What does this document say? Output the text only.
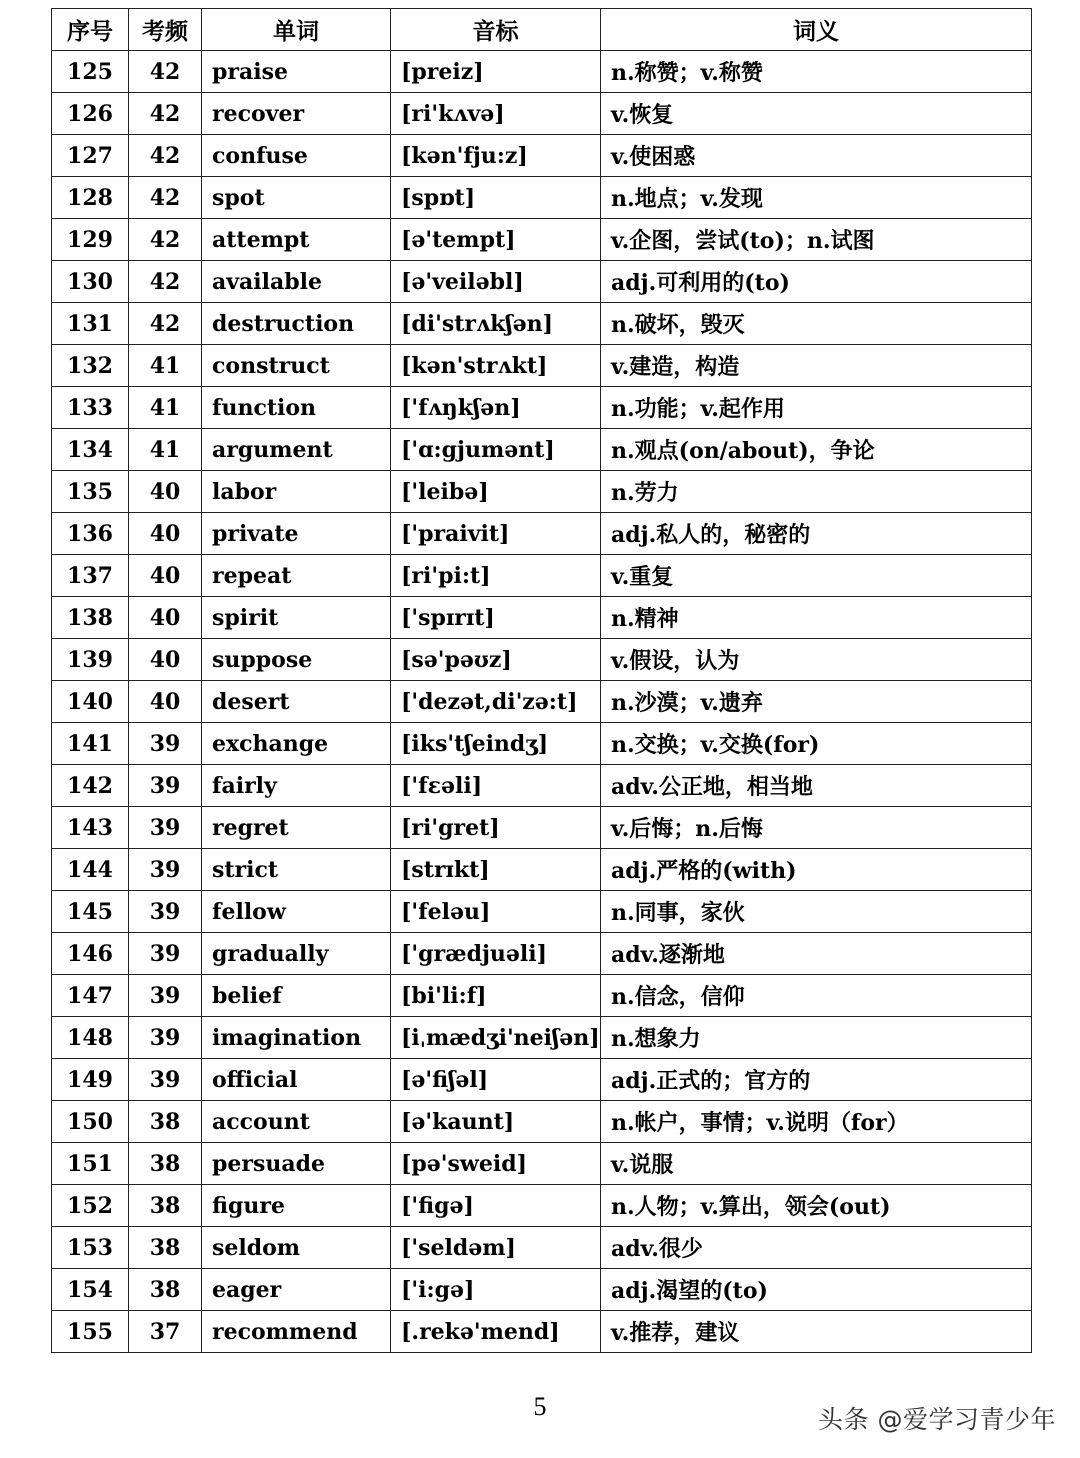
序号	考频	单词	音标	词义
125	42	praise	[preiz]	n.称赞；v.称赞
126	42	recover	[ri'kʌvə]	v.恢复
127	42	confuse	[kən'fju:z]	v.使困惑
128	42	spot	[spɒt]	n.地点；v.发现
129	42	attempt	[ə'tempt]	v.企图，尝试(to)；n.试图
130	42	available	[ə'veiləbl]	adj.可利用的(to)
131	42	destruction	[di'strʌkʃən]	n.破坏，毁灭
132	41	construct	[kən'strʌkt]	v.建造，构造
133	41	function	['fʌŋkʃən]	n.功能；v.起作用
134	41	argument	['ɑ:gjumənt]	n.观点(on/about)，争论
135	40	labor	['leibə]	n.劳力
136	40	private	['praivit]	adj.私人的，秘密的
137	40	repeat	[ri'pi:t]	v.重复
138	40	spirit	['spɪrɪt]	n.精神
139	40	suppose	[sə'pəʊz]	v.假设，认为
140	40	desert	['dezət,di'zə:t]	n.沙漠；v.遗弃
141	39	exchange	[iks'tʃeindʒ]	n.交换；v.交换(for)
142	39	fairly	['fɛəli]	adv.公正地，相当地
143	39	regret	[ri'gret]	v.后悔；n.后悔
144	39	strict	[strɪkt]	adj.严格的(with)
145	39	fellow	['feləu]	n.同事，家伙
146	39	gradually	['grædjuəli]	adv.逐渐地
147	39	belief	[bi'li:f]	n.信念，信仰
148	39	imagination	[iˌmædʒi'neiʃən]	n.想象力
149	39	official	[ə'fiʃəl]	adj.正式的；官方的
150	38	account	[ə'kaunt]	n.帐户，事情；v.说明（for）
151	38	persuade	[pə'sweid]	v.说服
152	38	figure	['figə]	n.人物；v.算出，领会(out)
153	38	seldom	['seldəm]	adv.很少
154	38	eager	['i:gə]	adj.渴望的(to)
155	37	recommend	[.rekə'mend]	v.推荐，建议
5	头条 @爱学习青少年
